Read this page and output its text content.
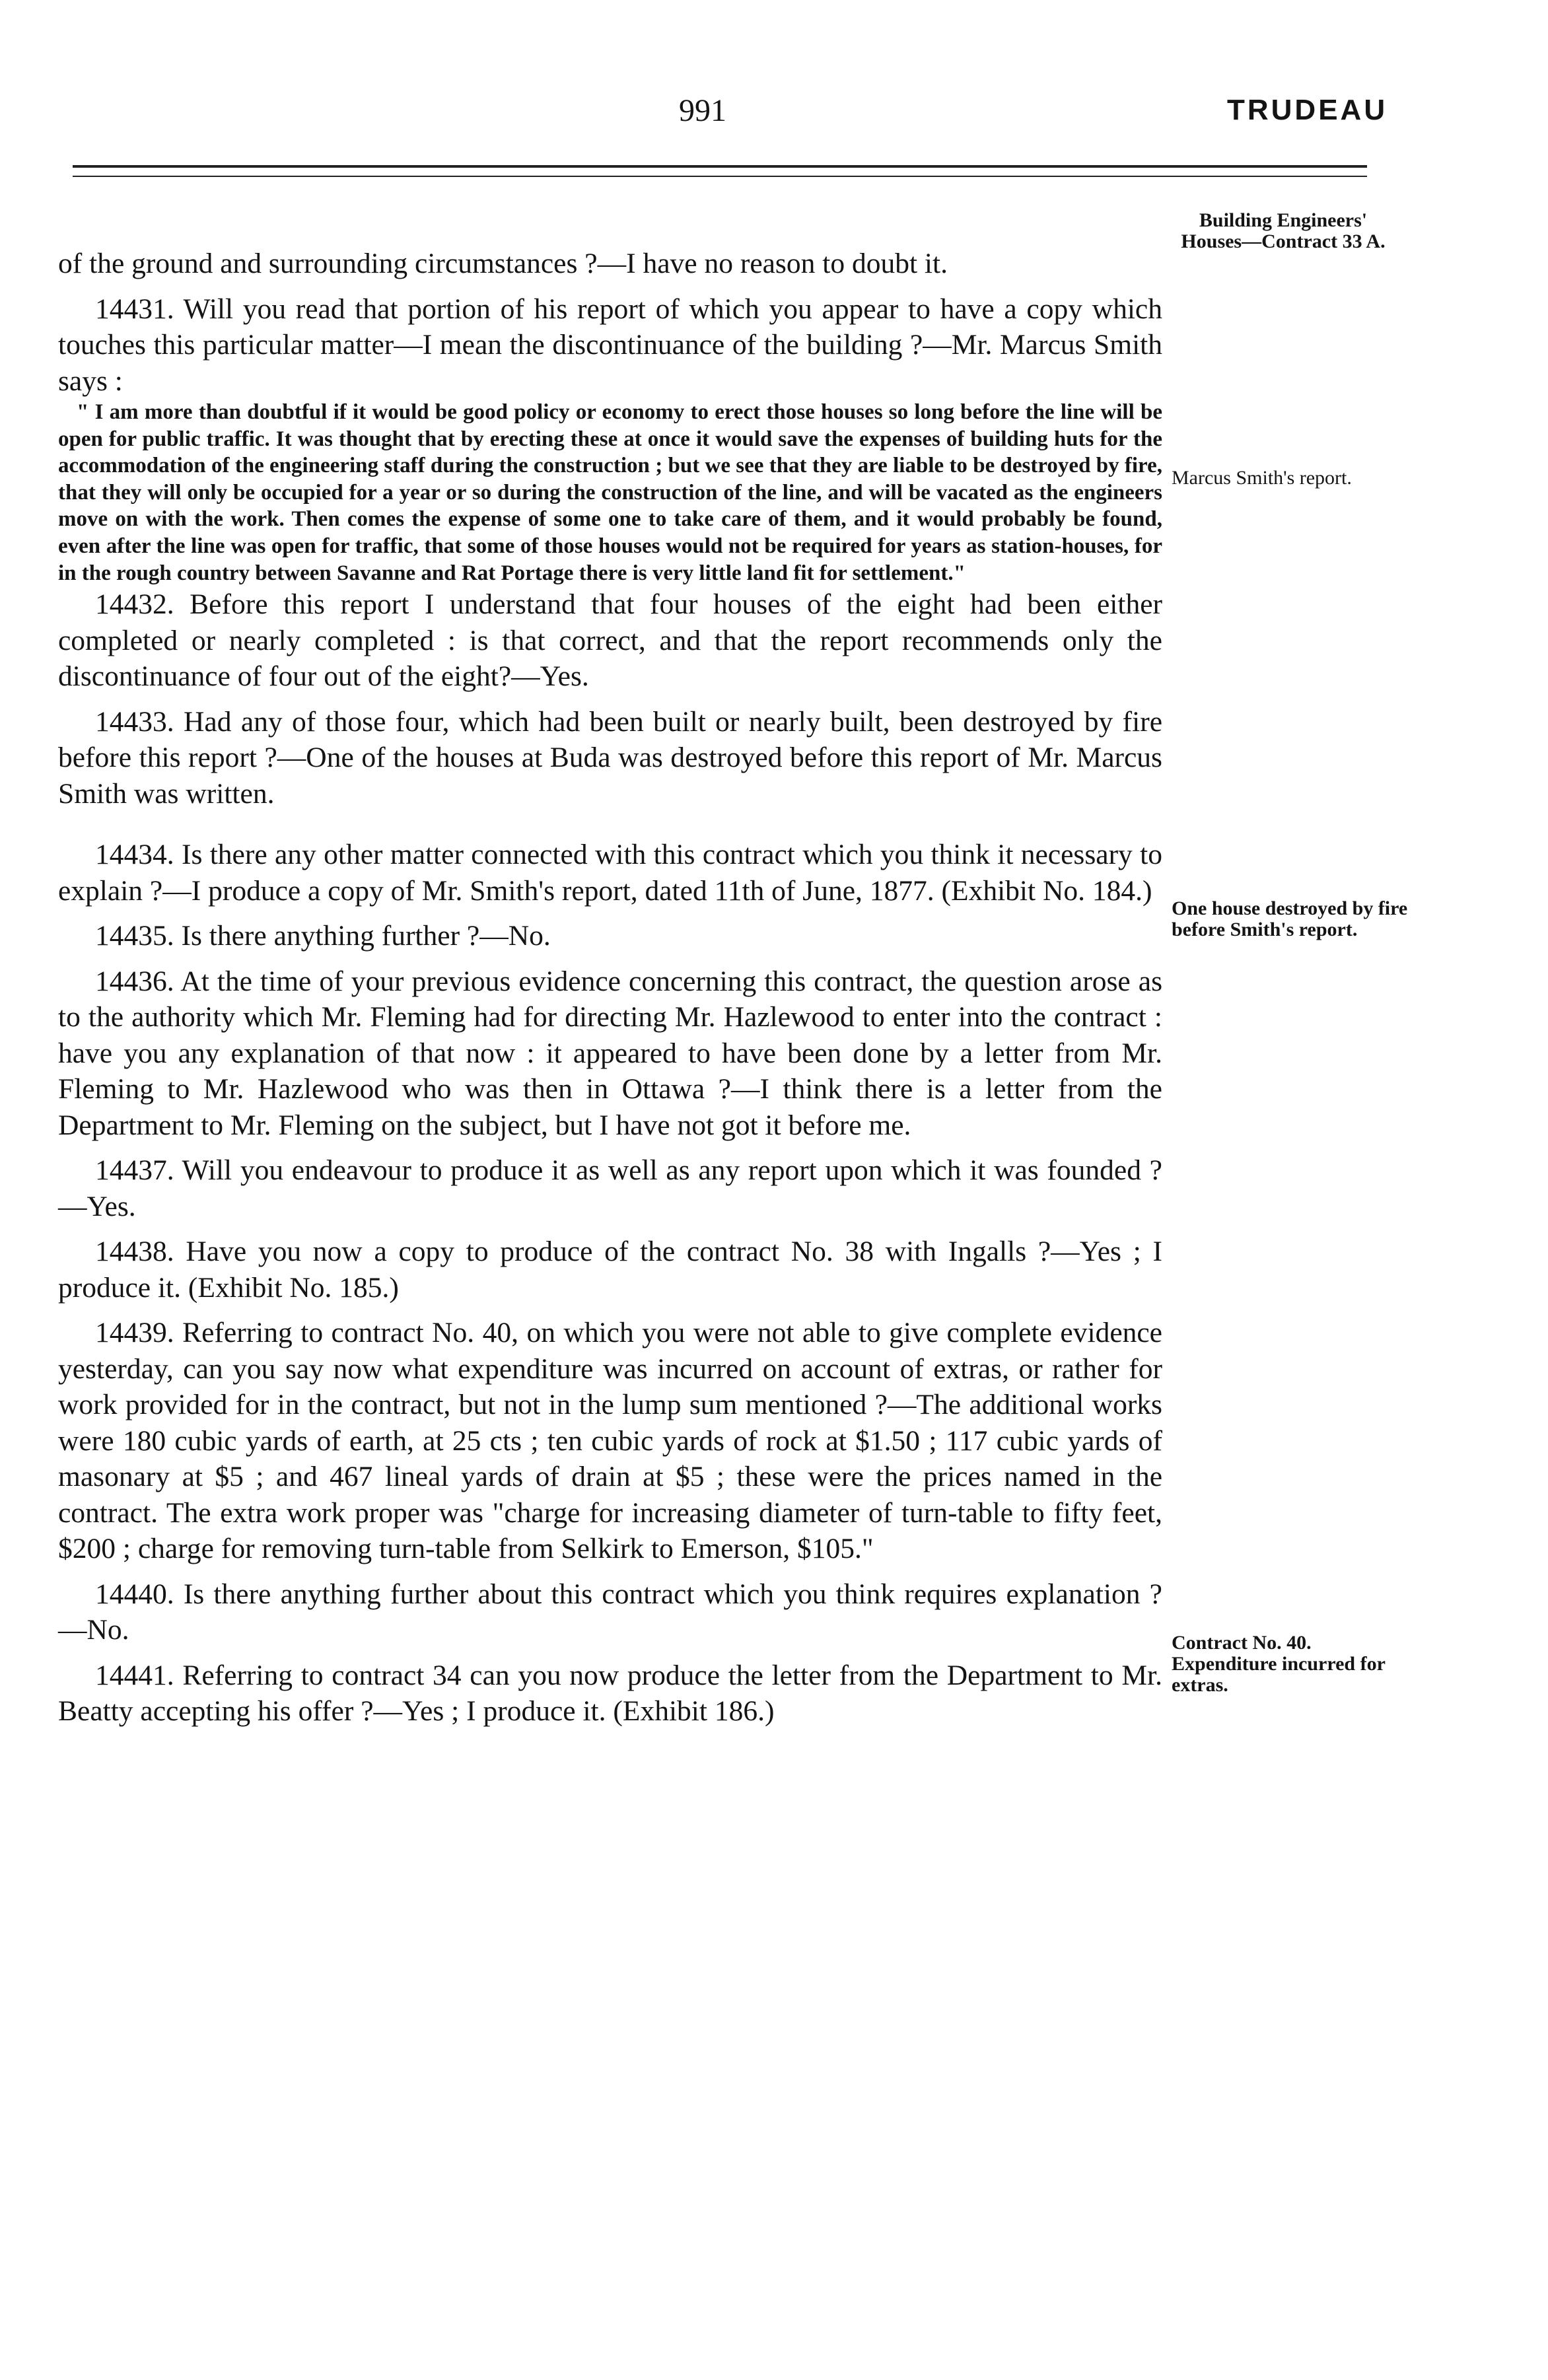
991	TRUDEAU
Building Engineers' Houses—Contract 33 A.
Marcus Smith's report.
One house destroyed by fire before Smith's report.
Contract No. 40. Expenditure incurred for extras.

of the ground and surrounding circumstances ?—I have no reason to doubt it.

14431. Will you read that portion of his report of which you appear to have a copy which touches this particular matter—I mean the discontinuance of the building ?—Mr. Marcus Smith says :

" I am more than doubtful if it would be good policy or economy to erect those houses so long before the line will be open for public traffic. It was thought that by erecting these at once it would save the expenses of building huts for the accommodation of the engineering staff during the construction ; but we see that they are liable to be destroyed by fire, that they will only be occupied for a year or so during the construction of the line, and will be vacated as the engineers move on with the work. Then comes the expense of some one to take care of them, and it would probably be found, even after the line was open for traffic, that some of those houses would not be required for years as station-houses, for in the rough country between Savanne and Rat Portage there is very little land fit for settlement."

14432. Before this report I understand that four houses of the eight had been either completed or nearly completed : is that correct, and that the report recommends only the discontinuance of four out of the eight?—Yes.

14433. Had any of those four, which had been built or nearly built, been destroyed by fire before this report ?—One of the houses at Buda was destroyed before this report of Mr. Marcus Smith was written.

14434. Is there any other matter connected with this contract which you think it necessary to explain ?—I produce a copy of Mr. Smith's report, dated 11th of June, 1877. (Exhibit No. 184.)

14435. Is there anything further ?—No.

14436. At the time of your previous evidence concerning this contract, the question arose as to the authority which Mr. Fleming had for directing Mr. Hazlewood to enter into the contract : have you any explanation of that now : it appeared to have been done by a letter from Mr. Fleming to Mr. Hazlewood who was then in Ottawa ?—I think there is a letter from the Department to Mr. Fleming on the subject, but I have not got it before me.

14437. Will you endeavour to produce it as well as any report upon which it was founded ?—Yes.

14438. Have you now a copy to produce of the contract No. 38 with Ingalls ?—Yes ; I produce it. (Exhibit No. 185.)

14439. Referring to contract No. 40, on which you were not able to give complete evidence yesterday, can you say now what expenditure was incurred on account of extras, or rather for work provided for in the contract, but not in the lump sum mentioned ?—The additional works were 180 cubic yards of earth, at 25 cts ; ten cubic yards of rock at $1.50 ; 117 cubic yards of masonary at $5 ; and 467 lineal yards of drain at $5 ; these were the prices named in the contract. The extra work proper was "charge for increasing diameter of turn-table to fifty feet, $200 ; charge for removing turn-table from Selkirk to Emerson, $105."

14440. Is there anything further about this contract which you think requires explanation ?—No.

14441. Referring to contract 34 can you now produce the letter from the Department to Mr. Beatty accepting his offer ?—Yes ; I produce it. (Exhibit 186.)
